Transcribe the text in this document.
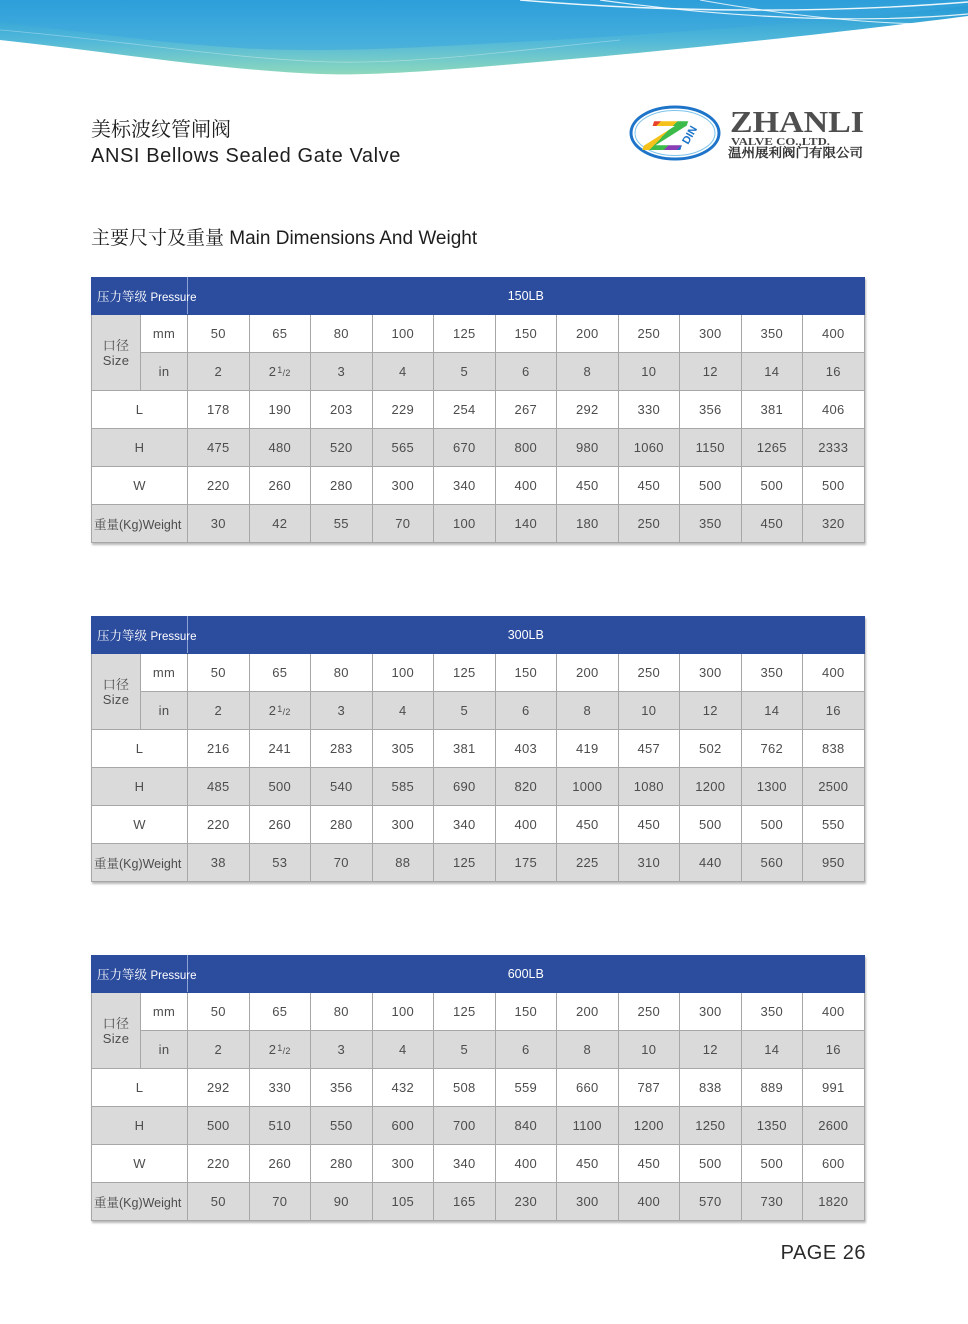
美标波纹管闸阀
ANSI Bellows Sealed Gate Valve	Z
DIN ZHANLI
VALVE CO.,LTD.
温州展利阀门有限公司
主要尺寸及重量 Main Dimensions And Weight
PAGE 26
压力等级 Pressure		150LB										

口径
Size	mm	50	65	80	100	125	150	200	250	300	350	400
	in	2	$2^1/2$	3	4	5	6	8	10	12	14	16
L		178	190	203	229	254	267	292	330	356	381	406
H		475	480	520	565	670	800	980	1060	1150	1265	2333
W		220	260	280	300	340	400	450	450	500	500	500
重量(Kg)Weight		30	42	55	70	100	140	180	250	350	450	320
压力等级 Pressure		300LB										

口径
Size	mm	50	65	80	100	125	150	200	250	300	350	400
	in	2	$2^1/2$	3	4	5	6	8	10	12	14	16
L		216	241	283	305	381	403	419	457	502	762	838
H		485	500	540	585	690	820	1000	1080	1200	1300	2500
W		220	260	280	300	340	400	450	450	500	500	550
重量(Kg)Weight		38	53	70	88	125	175	225	310	440	560	950
压力等级 Pressure		600LB										

口径
Size	mm	50	65	80	100	125	150	200	250	300	350	400
	in	2	$2^1/2$	3	4	5	6	8	10	12	14	16
L		292	330	356	432	508	559	660	787	838	889	991
H		500	510	550	600	700	840	1100	1200	1250	1350	2600
W		220	260	280	300	340	400	450	450	500	500	600
重量(Kg)Weight		50	70	90	105	165	230	300	400	570	730	1820
